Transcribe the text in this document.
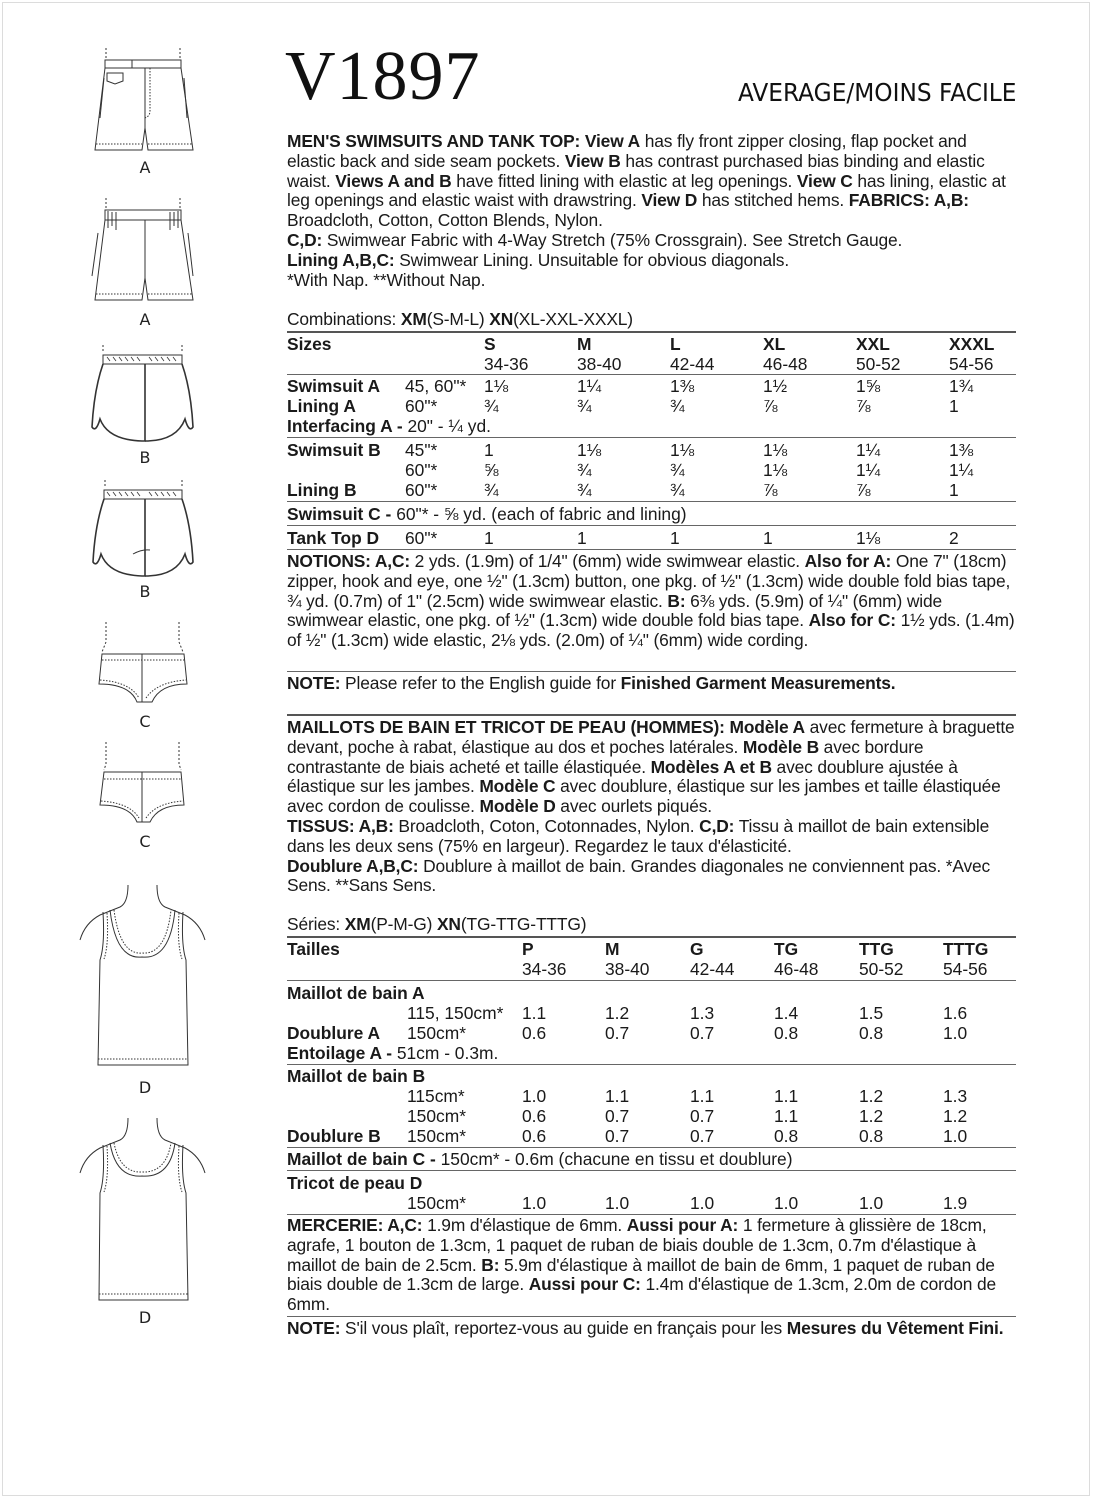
A
A
B
B
C
C
D
D
V1897	AVERAGE/MOINS FACILE
MEN'S SWIMSUITS AND TANK TOP: View A has fly front zipper closing, flap pocket and elastic back and side seam pockets. View B has contrast purchased bias binding and elastic waist. Views A and B have fitted lining with elastic at leg openings. View C has lining, elastic at leg openings and elastic waist with drawstring. View D has stitched hems. FABRICS: A,B: Broadcloth, Cotton, Cotton Blends, Nylon.
C,D: Swimwear Fabric with 4-Way Stretch (75% Crossgrain). See Stretch Gauge.
Lining A,B,C: Swimwear Lining. Unsuitable for obvious diagonals.
*With Nap. **Without Nap.
Combinations: XM(S-M-L) XN(XL-XXL-XXXL)
Sizes	S	M	L	XL	XXL	XXXL
34-36	38-40	42-44	46-48	50-52	54-56
Swimsuit A 45, 60"* 1⅛	1¼	1⅜	1½	1⅝	1¾
Lining A	60"*	¾	¾	¾	⅞	⅞	1
Interfacing A - 20" - ¼ yd.
Swimsuit B 45"*	1	1⅛	1⅛	1⅛	1¼	1⅜
60"*	⅝	¾	¾	1⅛	1¼	1¼
Lining B	60"*	¾	¾	¾	⅞	⅞	1
Swimsuit C - 60"* - ⅝ yd. (each of fabric and lining)
Tank Top D 60"*	1	1	1	1	1⅛	2
NOTIONS: A,C: 2 yds. (1.9m) of 1/4" (6mm) wide swimwear elastic. Also for A: One 7" (18cm) zipper, hook and eye, one ½" (1.3cm) button, one pkg. of ½" (1.3cm) wide double fold bias tape, ¾ yd. (0.7m) of 1" (2.5cm) wide swimwear elastic. B: 6⅜ yds. (5.9m) of ¼" (6mm) wide swimwear elastic, one pkg. of ½" (1.3cm) wide double fold bias tape. Also for C: 1½ yds. (1.4m) of ½" (1.3cm) wide elastic, 2⅛ yds. (2.0m) of ¼" (6mm) wide cording.
NOTE: Please refer to the English guide for Finished Garment Measurements.
MAILLOTS DE BAIN ET TRICOT DE PEAU (HOMMES): Modèle A avec fermeture à braguette devant, poche à rabat, élastique au dos et poches latérales. Modèle B avec bordure contrastante de biais acheté et taille élastiquée. Modèles A et B avec doublure ajustée à élastique sur les jambes. Modèle C avec doublure, élastique sur les jambes et taille élastiquée avec cordon de coulisse. Modèle D avec ourlets piqués.
TISSUS: A,B: Broadcloth, Coton, Cotonnades, Nylon. C,D: Tissu à maillot de bain extensible dans les deux sens (75% en largeur). Regardez le taux d'élasticité.
Doublure A,B,C: Doublure à maillot de bain. Grandes diagonales ne conviennent pas. *Avec Sens. **Sans Sens.
Séries: XM(P-M-G) XN(TG-TTG-TTTG)
Tailles	P	M	G	TG	TTG	TTTG
34-36 38-40 42-44 46-48 50-52 54-56
Maillot de bain A
115, 150cm* 1.1	1.2	1.3	1.4	1.5	1.6
Doublure A 150cm*	0.6	0.7	0.7	0.8	0.8	1.0
Entoilage A - 51cm - 0.3m.
Maillot de bain B
115cm*	1.0	1.1	1.1	1.1	1.2	1.3
150cm*	0.6	0.7	0.7	1.1	1.2	1.2
Doublure B 150cm*	0.6	0.7	0.7	0.8	0.8	1.0
Maillot de bain C - 150cm* - 0.6m (chacune en tissu et doublure)
Tricot de peau D
150cm*	1.0	1.0	1.0	1.0	1.0	1.9
MERCERIE: A,C: 1.9m d'élastique de 6mm. Aussi pour A: 1 fermeture à glissière de 18cm, agrafe, 1 bouton de 1.3cm, 1 paquet de ruban de biais double de 1.3cm, 0.7m d'élastique à maillot de bain de 2.5cm. B: 5.9m d'élastique à maillot de bain de 6mm, 1 paquet de ruban de biais double de 1.3cm de large. Aussi pour C: 1.4m d'élastique de 1.3cm, 2.0m de cordon de 6mm.
NOTE: S'il vous plaît, reportez-vous au guide en français pour les Mesures du Vêtement Fini.
